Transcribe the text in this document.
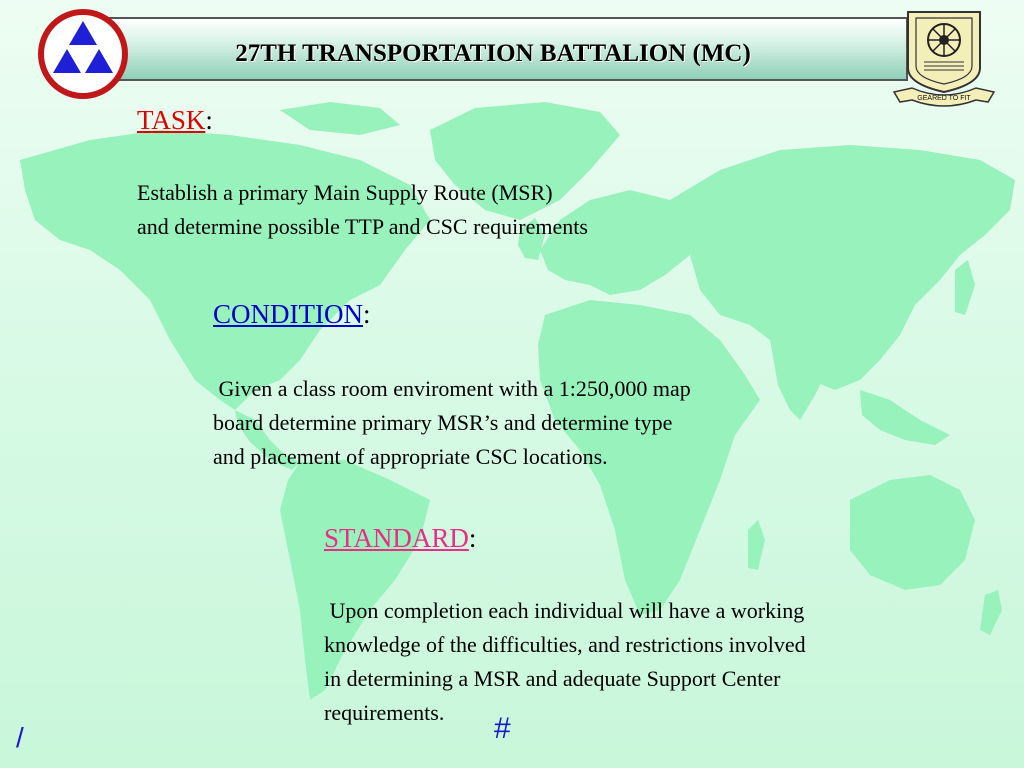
27TH TRANSPORTATION BATTALION (MC)
GEARED TO FIT
TASK:
Establish a primary Main Supply Route (MSR)
and determine possible TTP and CSC requirements
CONDITION:
Given a class room enviroment with a 1:250,000 map
board determine primary MSR’s and determine type
and placement of appropriate CSC locations.
STANDARD:
Upon completion each individual will have a working
knowledge of the difficulties, and restrictions involved
in determining a MSR and adequate Support Center
requirements.
/	#
